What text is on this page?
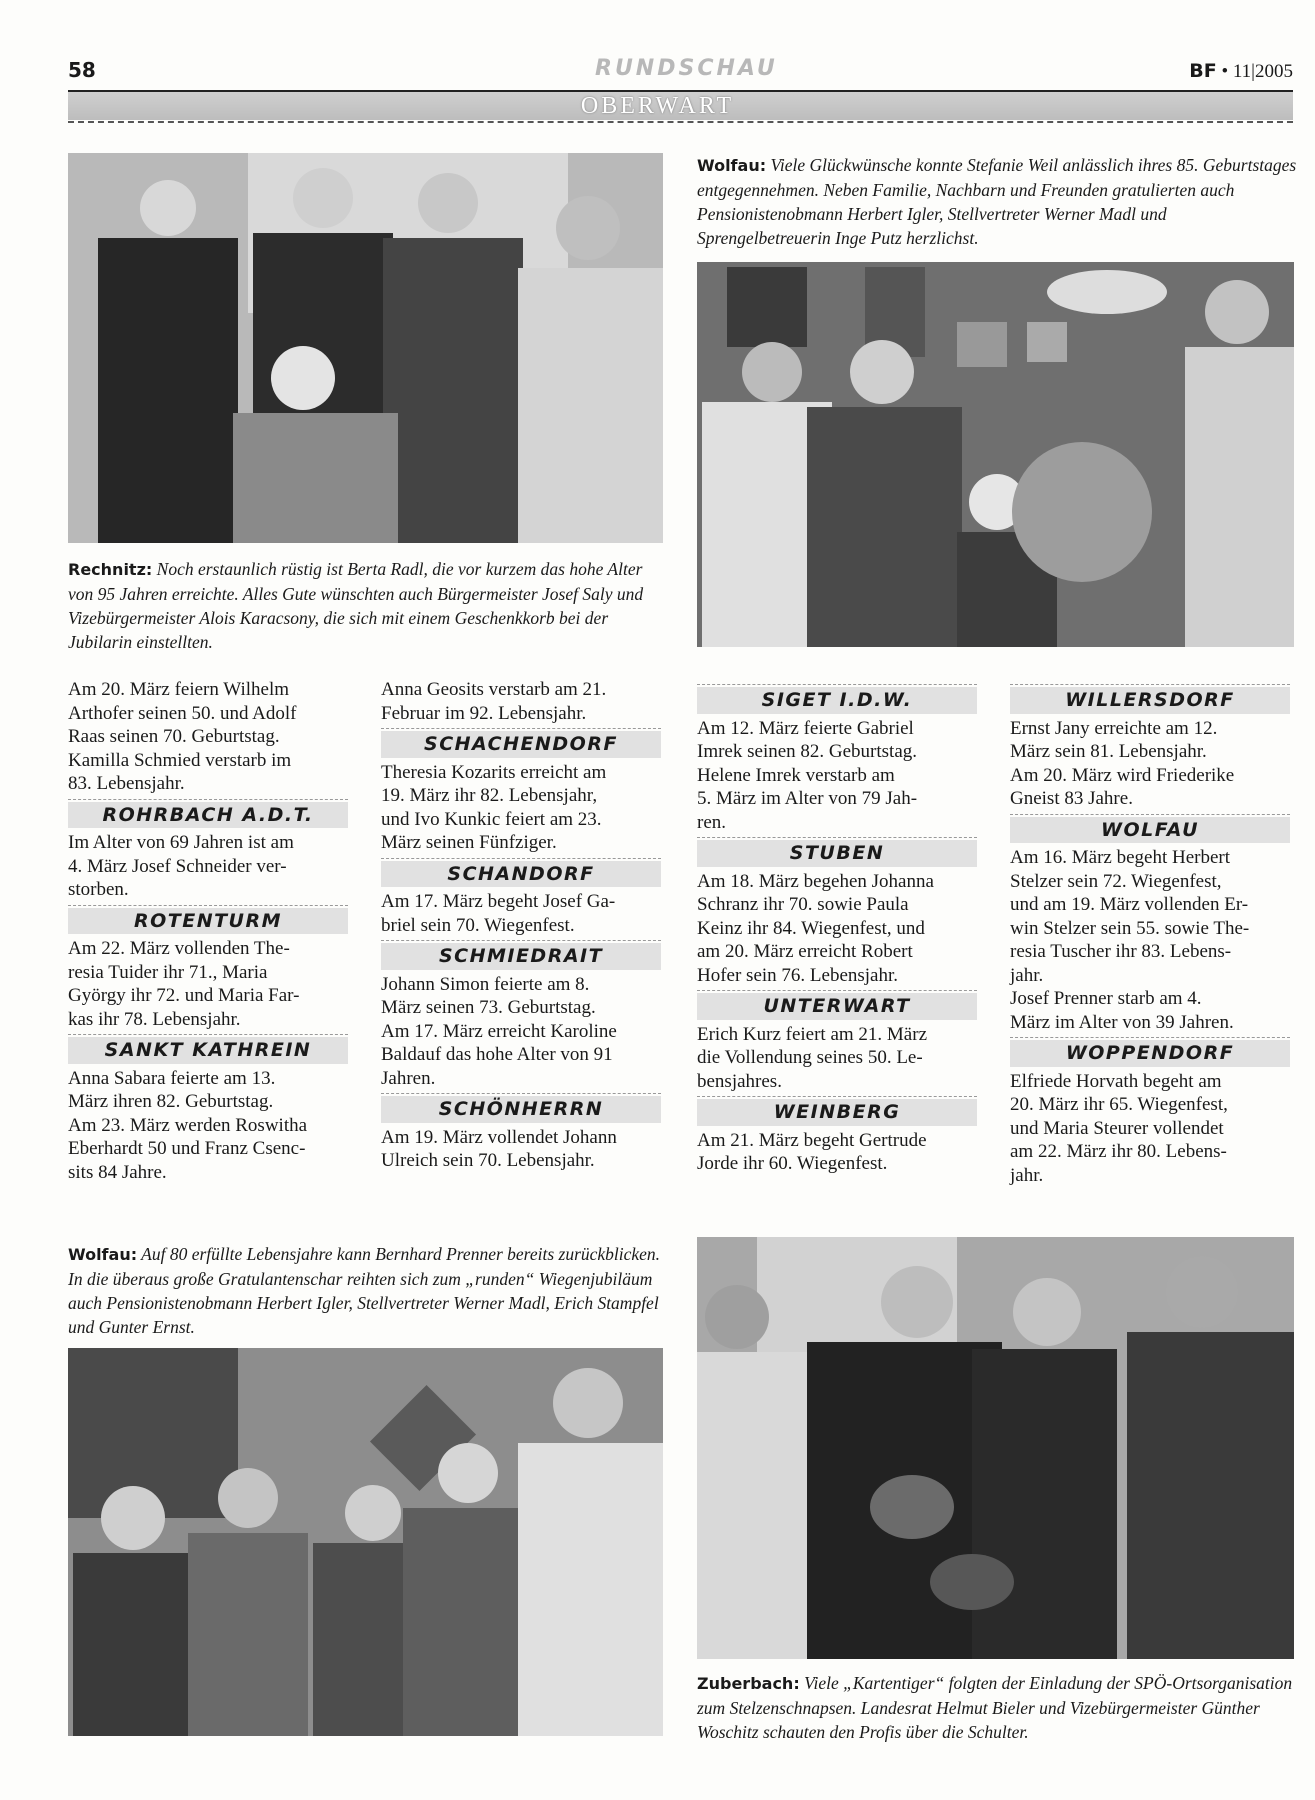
58	RUNDSCHAU	BF • 11|2005
OBERWART
Rechnitz: Noch erstaunlich rüstig ist Berta Radl, die vor kurzem das hohe Alter von 95 Jahren erreichte. Alles Gute wünschten auch Bürgermeister Josef Saly und Vizebürgermeister Alois Karacsony, die sich mit einem Geschenkkorb bei der Jubilarin einstellten.
Wolfau: Viele Glückwünsche konnte Stefanie Weil anlässlich ihres 85. Geburtstages entgegennehmen. Neben Familie, Nachbarn und Freunden gratulierten auch Pensionistenobmann Herbert Igler, Stellvertreter Werner Madl und Sprengelbetreuerin Inge Putz herzlichst.

Am 20. März feiern Wilhelm
Arthofer seinen 50. und Adolf
Raas seinen 70. Geburtstag.
Kamilla Schmied verstarb im
83. Lebensjahr.

ROHRBACH A.D.T.

Im Alter von 69 Jahren ist am
4. März Josef Schneider ver-
storben.

ROTENTURM

Am 22. März vollenden The-
resia Tuider ihr 71., Maria
György ihr 72. und Maria Far-
kas ihr 78. Lebensjahr.

SANKT KATHREIN

Anna Sabara feierte am 13.
März ihren 82. Geburtstag.
Am 23. März werden Roswitha
Eberhardt 50 und Franz Csenc-
sits 84 Jahre.

Anna Geosits verstarb am 21.
Februar im 92. Lebensjahr.

SCHACHENDORF

Theresia Kozarits erreicht am
19. März ihr 82. Lebensjahr,
und Ivo Kunkic feiert am 23.
März seinen Fünfziger.

SCHANDORF

Am 17. März begeht Josef Ga-
briel sein 70. Wiegenfest.

SCHMIEDRAIT

Johann Simon feierte am 8.
März seinen 73. Geburtstag.
Am 17. März erreicht Karoline
Baldauf das hohe Alter von 91
Jahren.

SCHÖNHERRN

Am 19. März vollendet Johann
Ulreich sein 70. Lebensjahr.

SIGET I.D.W.

Am 12. März feierte Gabriel
Imrek seinen 82. Geburtstag.
Helene Imrek verstarb am
5. März im Alter von 79 Jah-
ren.

STUBEN

Am 18. März begehen Johanna
Schranz ihr 70. sowie Paula
Keinz ihr 84. Wiegenfest, und
am 20. März erreicht Robert
Hofer sein 76. Lebensjahr.

UNTERWART

Erich Kurz feiert am 21. März
die Vollendung seines 50. Le-
bensjahres.

WEINBERG

Am 21. März begeht Gertrude
Jorde ihr 60. Wiegenfest.

WILLERSDORF

Ernst Jany erreichte am 12.
März sein 81. Lebensjahr.
Am 20. März wird Friederike
Gneist 83 Jahre.

WOLFAU

Am 16. März begeht Herbert
Stelzer sein 72. Wiegenfest,
und am 19. März vollenden Er-
win Stelzer sein 55. sowie The-
resia Tuscher ihr 83. Lebens-
jahr.
Josef Prenner starb am 4.
März im Alter von 39 Jahren.

WOPPENDORF

Elfriede Horvath begeht am
20. März ihr 65. Wiegenfest,
und Maria Steurer vollendet
am 22. März ihr 80. Lebens-
jahr.

Wolfau: Auf 80 erfüllte Lebensjahre kann Bernhard Prenner bereits zurückblicken. In die überaus große Gratulantenschar reihten sich zum „runden“ Wiegenjubiläum auch Pensionistenobmann Herbert Igler, Stellvertreter Werner Madl, Erich Stampfel und Gunter Ernst.
Zuberbach: Viele „Kartentiger“ folgten der Einladung der SPÖ-Ortsorganisation zum Stelzenschnapsen. Landesrat Helmut Bieler und Vizebürgermeister Günther Woschitz schauten den Profis über die Schulter.
